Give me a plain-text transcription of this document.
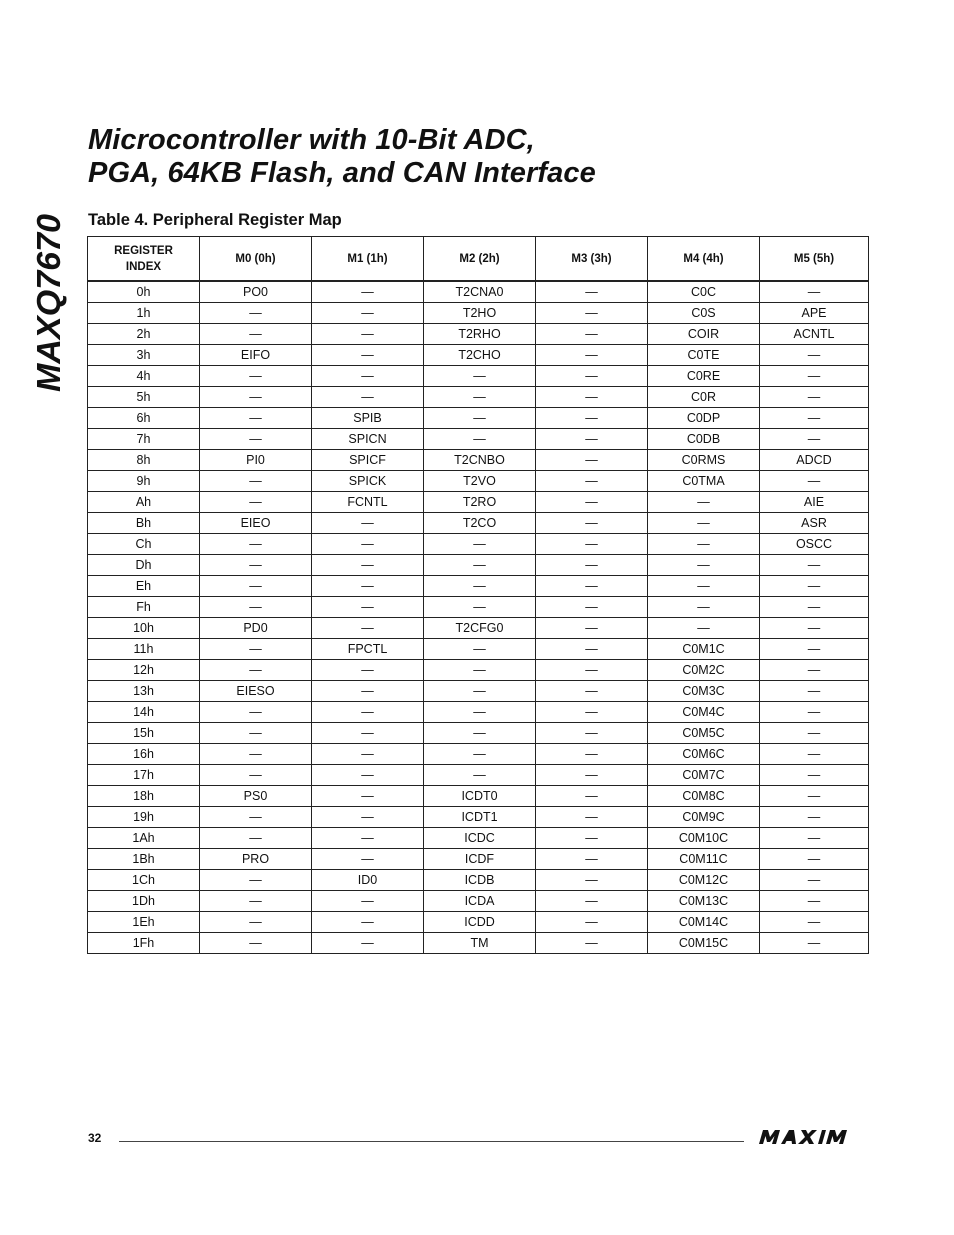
MAXQ7670
Microcontroller with 10-Bit ADC,
PGA, 64KB Flash, and CAN Interface
Table 4. Peripheral Register Map
REGISTER
INDEX	M0 (0h)	M1 (1h)	M2 (2h)	M3 (3h)	M4 (4h)	M5 (5h)
0h	PO0	—	T2CNA0	—	C0C	—
1h	—	—	T2HO	—	C0S	APE
2h	—	—	T2RHO	—	COIR	ACNTL
3h	EIFO	—	T2CHO	—	C0TE	—
4h	—	—	—	—	C0RE	—
5h	—	—	—	—	C0R	—
6h	—	SPIB	—	—	C0DP	—
7h	—	SPICN	—	—	C0DB	—
8h	PI0	SPICF	T2CNBO	—	C0RMS	ADCD
9h	—	SPICK	T2VO	—	C0TMA	—
Ah	—	FCNTL	T2RO	—	—	AIE
Bh	EIEO	—	T2CO	—	—	ASR
Ch	—	—	—	—	—	OSCC
Dh	—	—	—	—	—	—
Eh	—	—	—	—	—	—
Fh	—	—	—	—	—	—
10h	PD0	—	T2CFG0	—	—	—
11h	—	FPCTL	—	—	C0M1C	—
12h	—	—	—	—	C0M2C	—
13h	EIESO	—	—	—	C0M3C	—
14h	—	—	—	—	C0M4C	—
15h	—	—	—	—	C0M5C	—
16h	—	—	—	—	C0M6C	—
17h	—	—	—	—	C0M7C	—
18h	PS0	—	ICDT0	—	C0M8C	—
19h	—	—	ICDT1	—	C0M9C	—
1Ah	—	—	ICDC	—	C0M10C	—
1Bh	PRO	—	ICDF	—	C0M11C	—
1Ch	—	ID0	ICDB	—	C0M12C	—
1Dh	—	—	ICDA	—	C0M13C	—
1Eh	—	—	ICDD	—	C0M14C	—
1Fh	—	—	TM	—	C0M15C	—
32
